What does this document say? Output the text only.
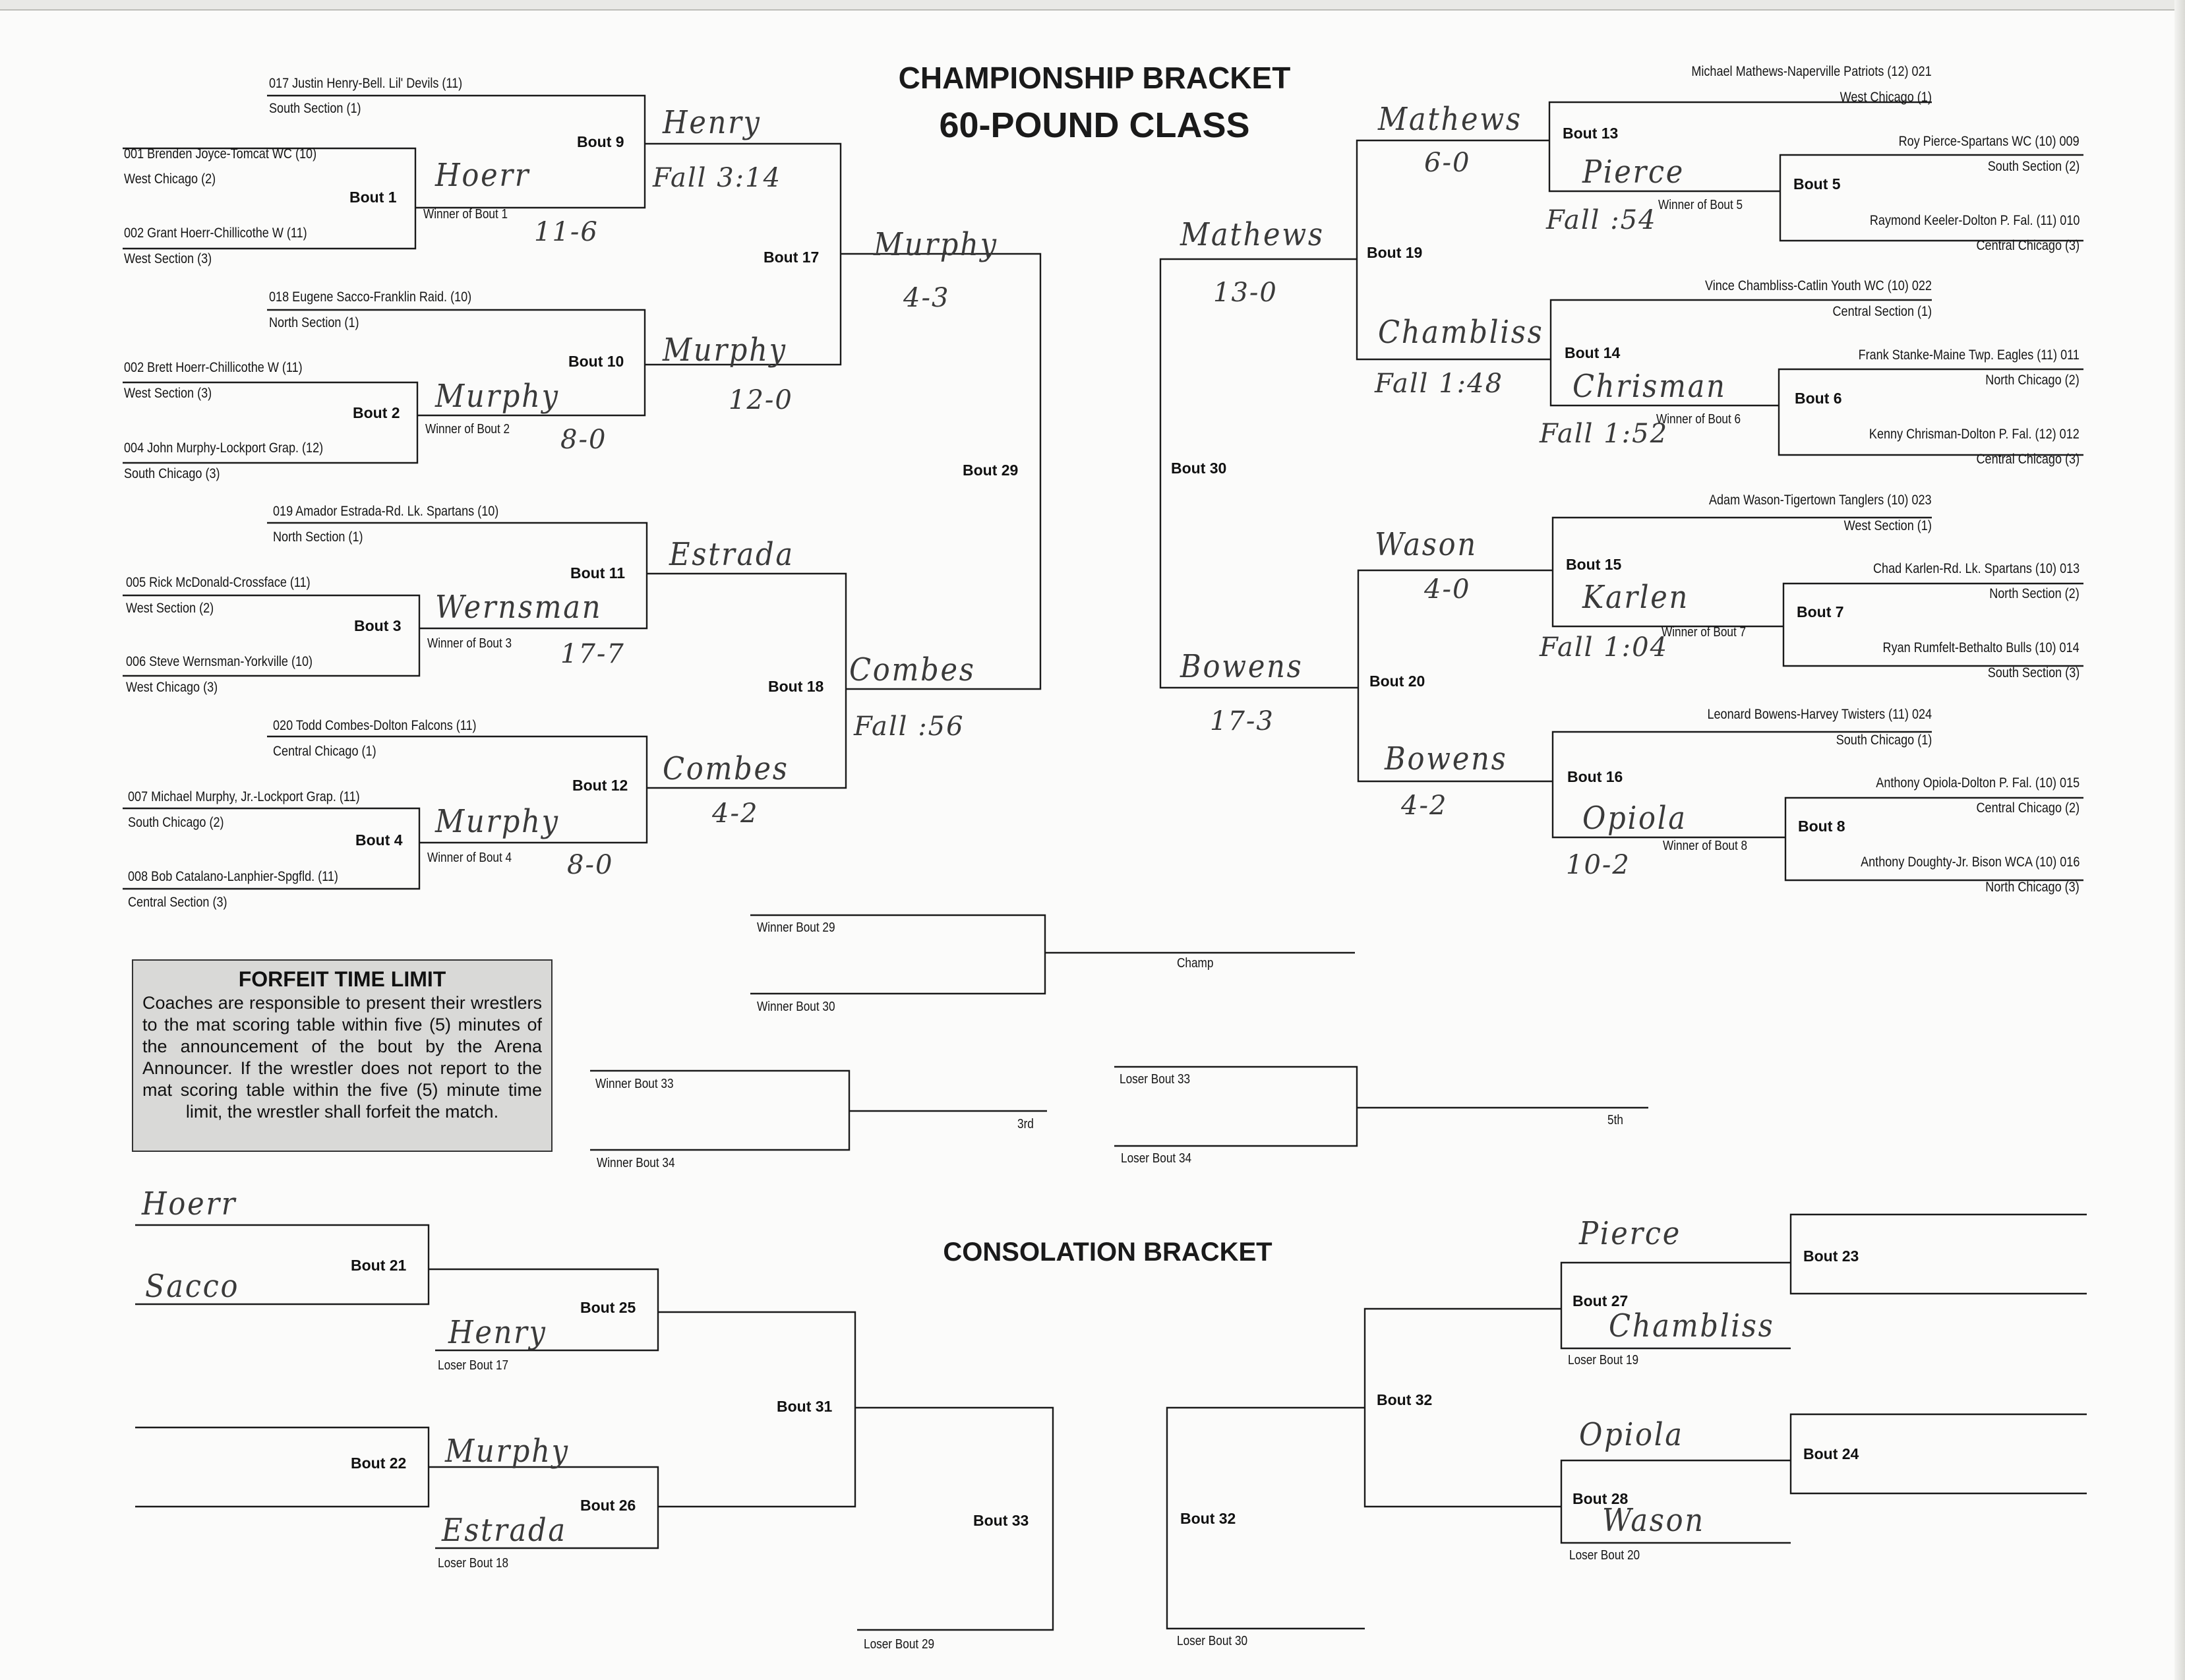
CHAMPIONSHIP BRACKET
60-POUND CLASS
CONSOLATION BRACKET
017 Justin Henry-Bell. Lil' Devils (11)
South Section (1)
001 Brenden Joyce-Tomcat WC (10)
West Chicago (2)
002 Grant Hoerr-Chillicothe W (11)
West Section (3)
018 Eugene Sacco-Franklin Raid. (10)
North Section (1)
002 Brett Hoerr-Chillicothe W (11)
West Section (3)
004 John Murphy-Lockport Grap. (12)
South Chicago (3)
019 Amador Estrada-Rd. Lk. Spartans (10)
North Section (1)
005 Rick McDonald-Crossface (11)
West Section (2)
006 Steve Wernsman-Yorkville (10)
West Chicago (3)
020 Todd Combes-Dolton Falcons (11)
Central Chicago (1)
007 Michael Murphy, Jr.-Lockport Grap. (11)
South Chicago (2)
008 Bob Catalano-Lanphier-Spgfld. (11)
Central Section (3)
Michael Mathews-Naperville Patriots (12) 021
West Chicago (1)
Roy Pierce-Spartans WC (10) 009
South Section (2)
Raymond Keeler-Dolton P. Fal. (11) 010
Central Chicago (3)
Vince Chambliss-Catlin Youth WC (10) 022
Central Section (1)
Frank Stanke-Maine Twp. Eagles (11) 011
North Chicago (2)
Kenny Chrisman-Dolton P. Fal. (12) 012
Central Chicago (3)
Adam Wason-Tigertown Tanglers (10) 023
West Section (1)
Chad Karlen-Rd. Lk. Spartans (10) 013
North Section (2)
Ryan Rumfelt-Bethalto Bulls (10) 014
South Section (3)
Leonard Bowens-Harvey Twisters (11) 024
South Chicago (1)
Anthony Opiola-Dolton P. Fal. (10) 015
Central Chicago (2)
Anthony Doughty-Jr. Bison WCA (10) 016
North Chicago (3)
Bout 9
Bout 1
Bout 17
Bout 10
Bout 2
Bout 29
Bout 11
Bout 3
Bout 18
Bout 12
Bout 4
Bout 13
Bout 5
Bout 19
Bout 14
Bout 6
Bout 30
Bout 15
Bout 7
Bout 20
Bout 16
Bout 8
Bout 21
Bout 25
Bout 31
Bout 22
Bout 26
Bout 33
Bout 23
Bout 27
Bout 32
Bout 24
Bout 28
Bout 32
Winner of Bout 1
Winner of Bout 2
Winner of Bout 3
Winner of Bout 4
Winner of Bout 5
Winner of Bout 6
Winner of Bout 7
Winner of Bout 8
Winner Bout 29
Winner Bout 30
Champ
Winner Bout 33
Winner Bout 34
3rd
Loser Bout 33
Loser Bout 34
5th
Loser Bout 17
Loser Bout 18
Loser Bout 29
Loser Bout 19
Loser Bout 20
Loser Bout 30
FORFEIT TIME LIMIT
Coaches are responsible to present their wrestlers to the mat scoring table within five (5) minutes of the announcement of the bout by the Arena Announcer. If the wrestler does not report to the mat scoring table within the five (5) minute time limit, the wrestler shall forfeit the match.
Hoerr
11-6
Henry
Fall 3:14
Murphy
8-0
Murphy
12-0
Murphy
4-3
Wernsman
17-7
Estrada
Murphy
8-0
Combes
4-2
Combes
Fall :56
Mathews
6-0	Pierce
Fall :54
Mathews
13-0
Chambliss
Fall 1:48 Chrisman
Fall 1:52
Wason
4-0	Karlen
Fall 1:04
Bowens
17-3
Bowens
4-2	Opiola
10-2
Hoerr
Sacco
Henry
Murphy
Estrada
Pierce
Chambliss
Opiola
Wason
